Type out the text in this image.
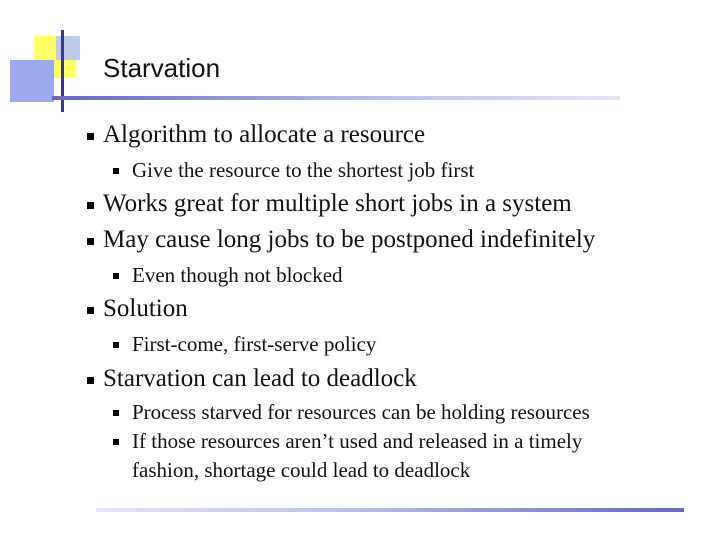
Starvation
Algorithm to allocate a resource
Give the resource to the shortest job first
Works great for multiple short jobs in a system
May cause long jobs to be postponed indefinitely
Even though not blocked
Solution
First-come, first-serve policy
Starvation can lead to deadlock
Process starved for resources can be holding resources
If those resources aren’t used and released in a timely
fashion, shortage could lead to deadlock
